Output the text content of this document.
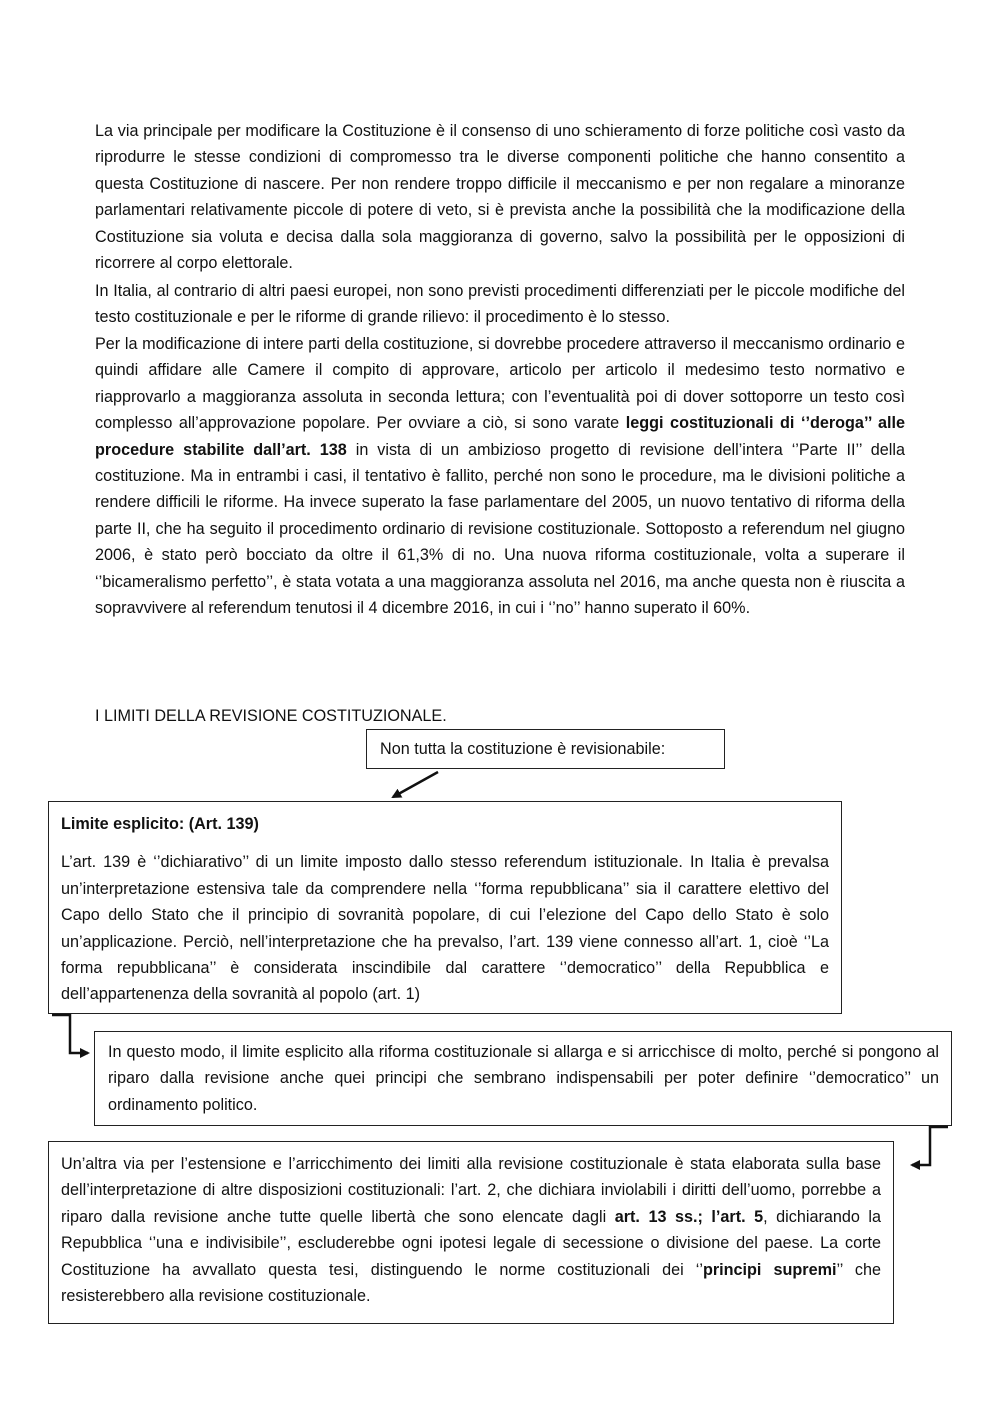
La via principale per modificare la Costituzione è il consenso di uno schieramento di forze politiche così vasto da riprodurre le stesse condizioni di compromesso tra le diverse componenti politiche che hanno consentito a questa Costituzione di nascere. Per non rendere troppo difficile il meccanismo e per non regalare a minoranze parlamentari relativamente piccole di potere di veto, si è prevista anche la possibilità che la modificazione della Costituzione sia voluta e decisa dalla sola maggioranza di governo, salvo la possibilità per le opposizioni di ricorrere al corpo elettorale.

In Italia, al contrario di altri paesi europei, non sono previsti procedimenti differenziati per le piccole modifiche del testo costituzionale e per le riforme di grande rilievo: il procedimento è lo stesso.

Per la modificazione di intere parti della costituzione, si dovrebbe procedere attraverso il meccanismo ordinario e quindi affidare alle Camere il compito di approvare, articolo per articolo il medesimo testo normativo e riapprovarlo a maggioranza assoluta in seconda lettura; con l’eventualità poi di dover sottoporre un testo così complesso all’approvazione popolare. Per ovviare a ciò, si sono varate leggi costituzionali di ‘’deroga’’ alle procedure stabilite dall’art. 138 in vista di un ambizioso progetto di revisione dell’intera ‘’Parte II’’ della costituzione. Ma in entrambi i casi, il tentativo è fallito, perché non sono le procedure, ma le divisioni politiche a rendere difficili le riforme. Ha invece superato la fase parlamentare del 2005, un nuovo tentativo di riforma della parte II, che ha seguito il procedimento ordinario di revisione costituzionale. Sottoposto a referendum nel giugno 2006, è stato però bocciato da oltre il 61,3% di no. Una nuova riforma costituzionale, volta a superare il ‘’bicameralismo perfetto’’, è stata votata a una maggioranza assoluta nel 2016, ma anche questa non è riuscita a sopravvivere al referendum tenutosi il 4 dicembre 2016, in cui i ‘’no’’ hanno superato il 60%.

I LIMITI DELLA REVISIONE COSTITUZIONALE.
Non tutta la costituzione è revisionabile:
Limite esplicito: (Art. 139)
L’art. 139 è ‘’dichiarativo’’ di un limite imposto dallo stesso referendum istituzionale. In Italia è prevalsa un’interpretazione estensiva tale da comprendere nella ‘’forma repubblicana’’ sia il carattere elettivo del Capo dello Stato che il principio di sovranità popolare, di cui l’elezione del Capo dello Stato è solo un’applicazione. Perciò, nell’interpretazione che ha prevalso, l’art. 139 viene connesso all’art. 1, cioè ‘’La forma repubblicana’’ è considerata inscindibile dal carattere ‘’democratico’’ della Repubblica e dell’appartenenza della sovranità al popolo (art. 1)
In questo modo, il limite esplicito alla riforma costituzionale si allarga e si arricchisce di molto, perché si pongono al riparo dalla revisione anche quei principi che sembrano indispensabili per poter definire ‘’democratico’’ un ordinamento politico.
Un’altra via per l’estensione e l’arricchimento dei limiti alla revisione costituzionale è stata elaborata sulla base dell’interpretazione di altre disposizioni costituzionali: l’art. 2, che dichiara inviolabili i diritti dell’uomo, porrebbe a riparo dalla revisione anche tutte quelle libertà che sono elencate dagli art. 13 ss.; l’art. 5, dichiarando la Repubblica ‘’una e indivisibile’’, escluderebbe ogni ipotesi legale di secessione o divisione del paese. La corte Costituzione ha avvallato questa tesi, distinguendo le norme costituzionali dei ‘’principi supremi’’ che resisterebbero alla revisione costituzionale.
